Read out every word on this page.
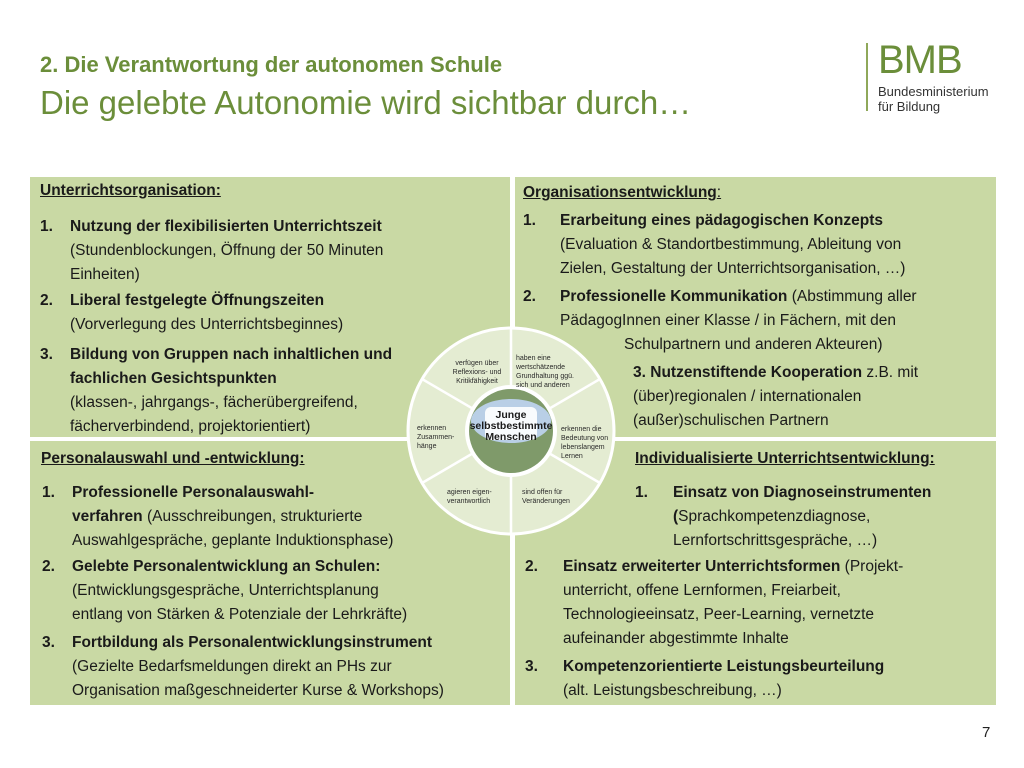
2. Die Verantwortung der autonomen Schule
Die gelebte Autonomie wird sichtbar durch…
BMB
Bundesministerium
für Bildung
Unterrichtsorganisation:
1. Nutzung der flexibilisierten Unterrichtszeit
(Stundenblockungen, Öffnung der 50 Minuten
Einheiten)
2. Liberal festgelegte Öffnungszeiten
(Vorverlegung des Unterrichtsbeginnes)
3. Bildung von Gruppen nach inhaltlichen und
fachlichen Gesichtspunkten
(klassen-, jahrgangs-, fächerübergreifend,
fächerverbindend, projektorientiert)
Organisationsentwicklung:
1. Erarbeitung eines pädagogischen Konzepts
(Evaluation & Standortbestimmung, Ableitung von
Zielen, Gestaltung der Unterrichtsorganisation, …)
2. Professionelle Kommunikation (Abstimmung aller
PädagogInnen einer Klasse / in Fächern, mit den
Schulpartnern und anderen Akteuren)
3. Nutzenstiftende Kooperation z.B. mit
(über)regionalen / internationalen
(außer)schulischen Partnern
Personalauswahl und -entwicklung:
1. Professionelle Personalauswahl-
verfahren (Ausschreibungen, strukturierte
Auswahlgespräche, geplante Induktionsphase)
2. Gelebte Personalentwicklung an Schulen:
(Entwicklungsgespräche, Unterrichtsplanung
entlang von Stärken & Potenziale der Lehrkräfte)
3. Fortbildung als Personalentwicklungsinstrument
(Gezielte Bedarfsmeldungen direkt an PHs zur
Organisation maßgeschneiderter Kurse & Workshops)
Individualisierte Unterrichtsentwicklung:
1. Einsatz von Diagnoseinstrumenten
(Sprachkompetenzdiagnose,
Lernfortschrittsgespräche, …)
2. Einsatz erweiterter Unterrichtsformen (Projekt-
unterricht, offene Lernformen, Freiarbeit,
Technologieeinsatz, Peer-Learning, vernetzte
aufeinander abgestimmte Inhalte
3. Kompetenzorientierte Leistungsbeurteilung
(alt. Leistungsbeschreibung, …)
Junge
selbstbestimmte
Menschen
verfügen über
Reflexions- und
Kritikfähigkeit
haben eine
wertschätzende
Grundhaltung ggü.
sich und anderen
erkennen die
Bedeutung von
lebenslangem
Lernen
sind offen für
Veränderungen
agieren eigen-
verantwortlich
erkennen
Zusammen-
hänge
7
